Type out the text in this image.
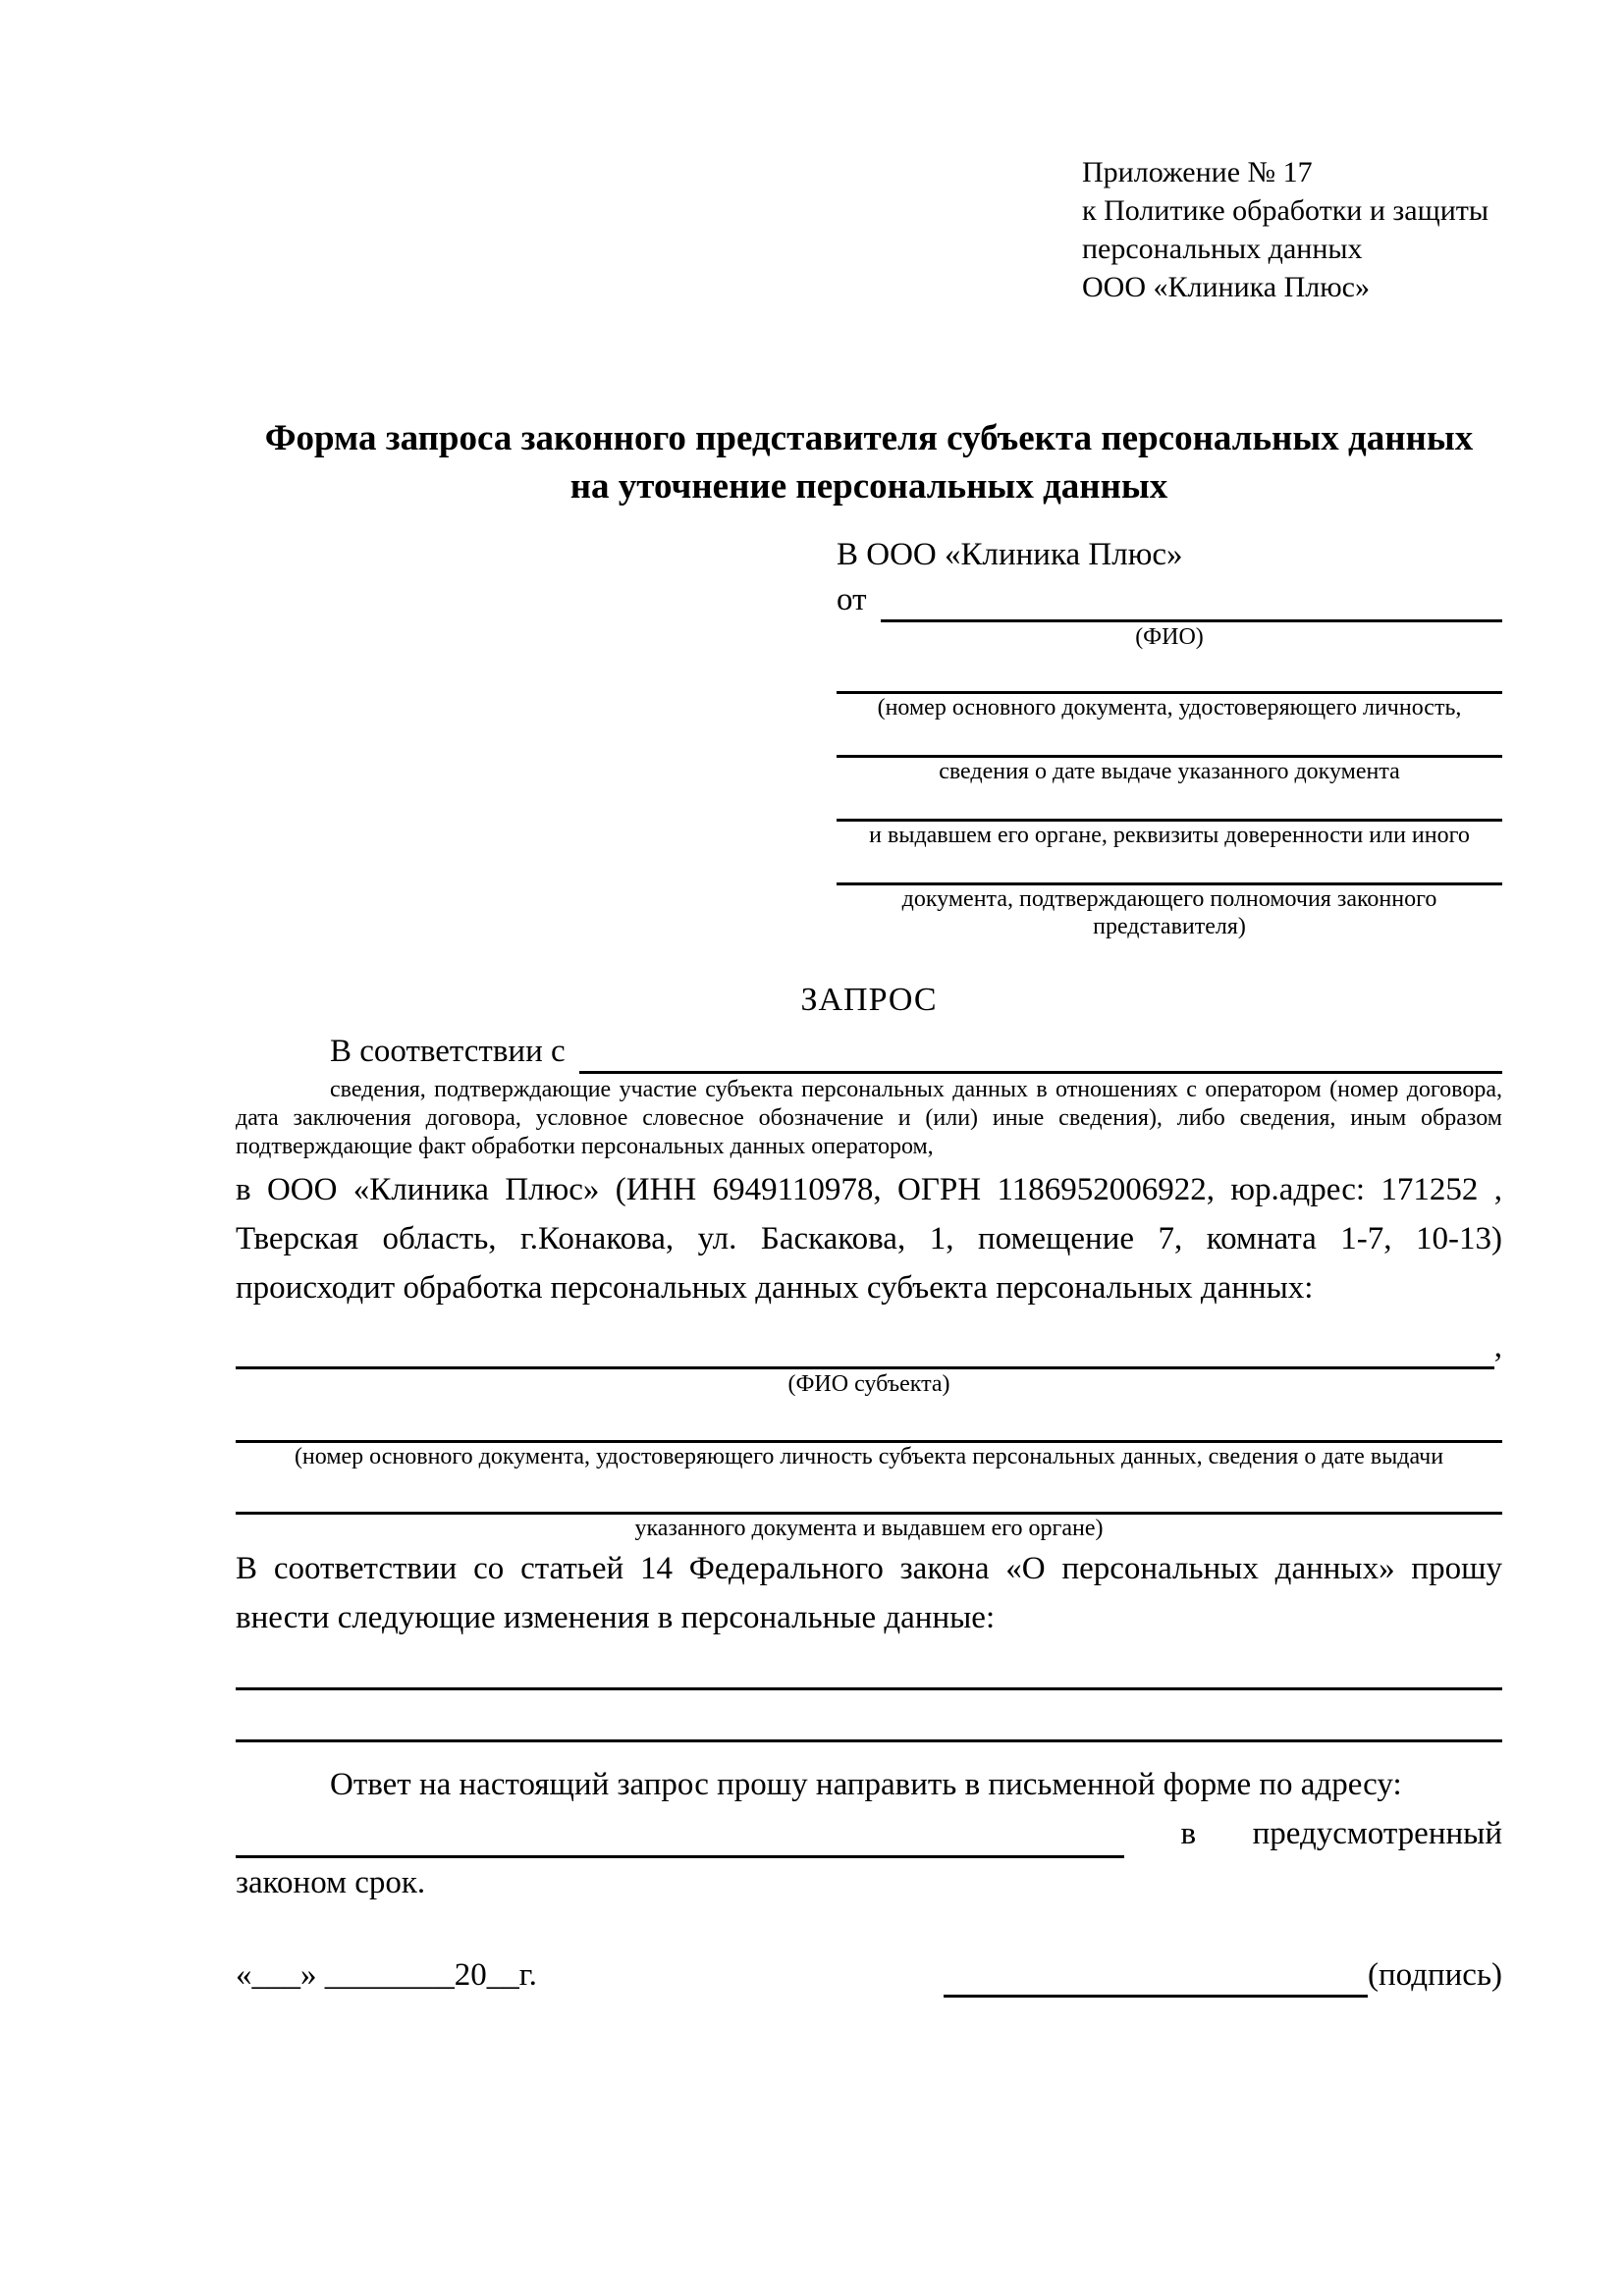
Приложение № 17
к Политике обработки и защиты
персональных данных
ООО «Клиника Плюс»
Форма запроса законного представителя субъекта персональных данных
на уточнение персональных данных
В ООО «Клиника Плюс»
от
(ФИО)
(номер основного документа, удостоверяющего личность,
сведения о дате выдаче указанного документа
и выдавшем его органе, реквизиты доверенности или иного
документа, подтверждающего полномочия законного представителя)
ЗАПРОС
В соответствии с

сведения, подтверждающие участие субъекта персональных данных в отношениях с оператором (номер договора, дата заключения договора, условное словесное обозначение и (или) иные сведения), либо сведения, иным образом подтверждающие факт обработки персональных данных оператором,

в ООО «Клиника Плюс» (ИНН 6949110978, ОГРН 1186952006922, юр.адрес: 171252 , Тверская область, г.Конакова, ул. Баскакова, 1, помещение 7, комната 1-7, 10-13) происходит обработка персональных данных субъекта персональных данных:

,
(ФИО субъекта)
(номер основного документа, удостоверяющего личность субъекта персональных данных, сведения о дате выдачи
указанного документа и выдавшем его органе)

В соответствии со статьей 14 Федерального закона «О персональных данных» прошу внести следующие изменения в персональные данные:

Ответ на настоящий запрос прошу направить в письменной форме по адресу:

в предусмотренный
законом срок.
«___» ________20__г.	(подпись)
